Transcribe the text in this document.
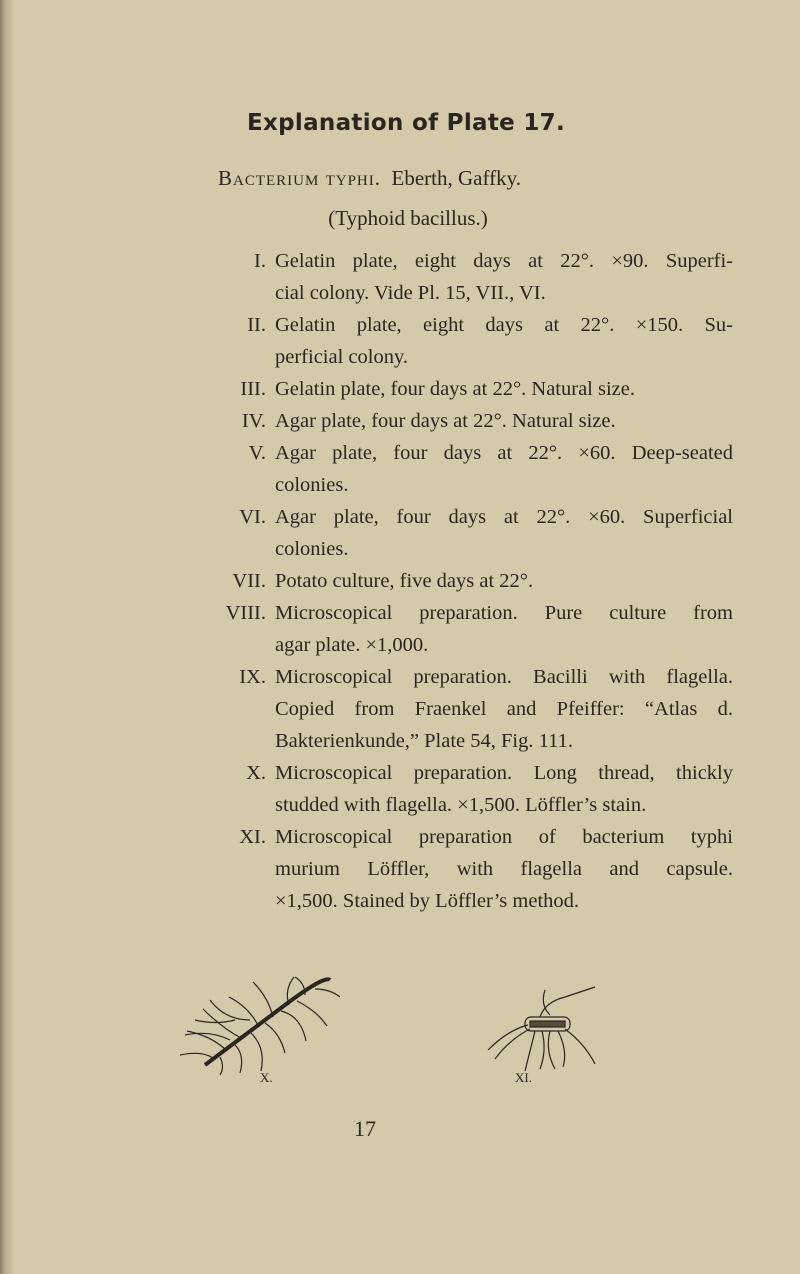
Explanation of Plate 17.
Bacterium typhi. Eberth, Gaffky.
(Typhoid bacillus.)
I. Gelatin plate, eight days at 22°. ×90. Superfi-
cial colony. Vide Pl. 15, VII., VI.
II. Gelatin plate, eight days at 22°. ×150. Su-
perficial colony.
III. Gelatin plate, four days at 22°. Natural size.
IV. Agar plate, four days at 22°. Natural size.
V. Agar plate, four days at 22°. ×60. Deep-seated
colonies.
VI. Agar plate, four days at 22°. ×60. Superficial
colonies.
VII. Potato culture, five days at 22°.
VIII. Microscopical preparation. Pure culture from
agar plate. ×1,000.
IX. Microscopical preparation. Bacilli with flagella.
Copied from Fraenkel and Pfeiffer: “Atlas d.
Bakterienkunde,” Plate 54, Fig. 111.
X. Microscopical preparation. Long thread, thickly
studded with flagella. ×1,500. Löffler’s stain.
XI. Microscopical preparation of bacterium typhi
murium Löffler, with flagella and capsule.
×1,500. Stained by Löffler’s method.
X.	XI.
17
